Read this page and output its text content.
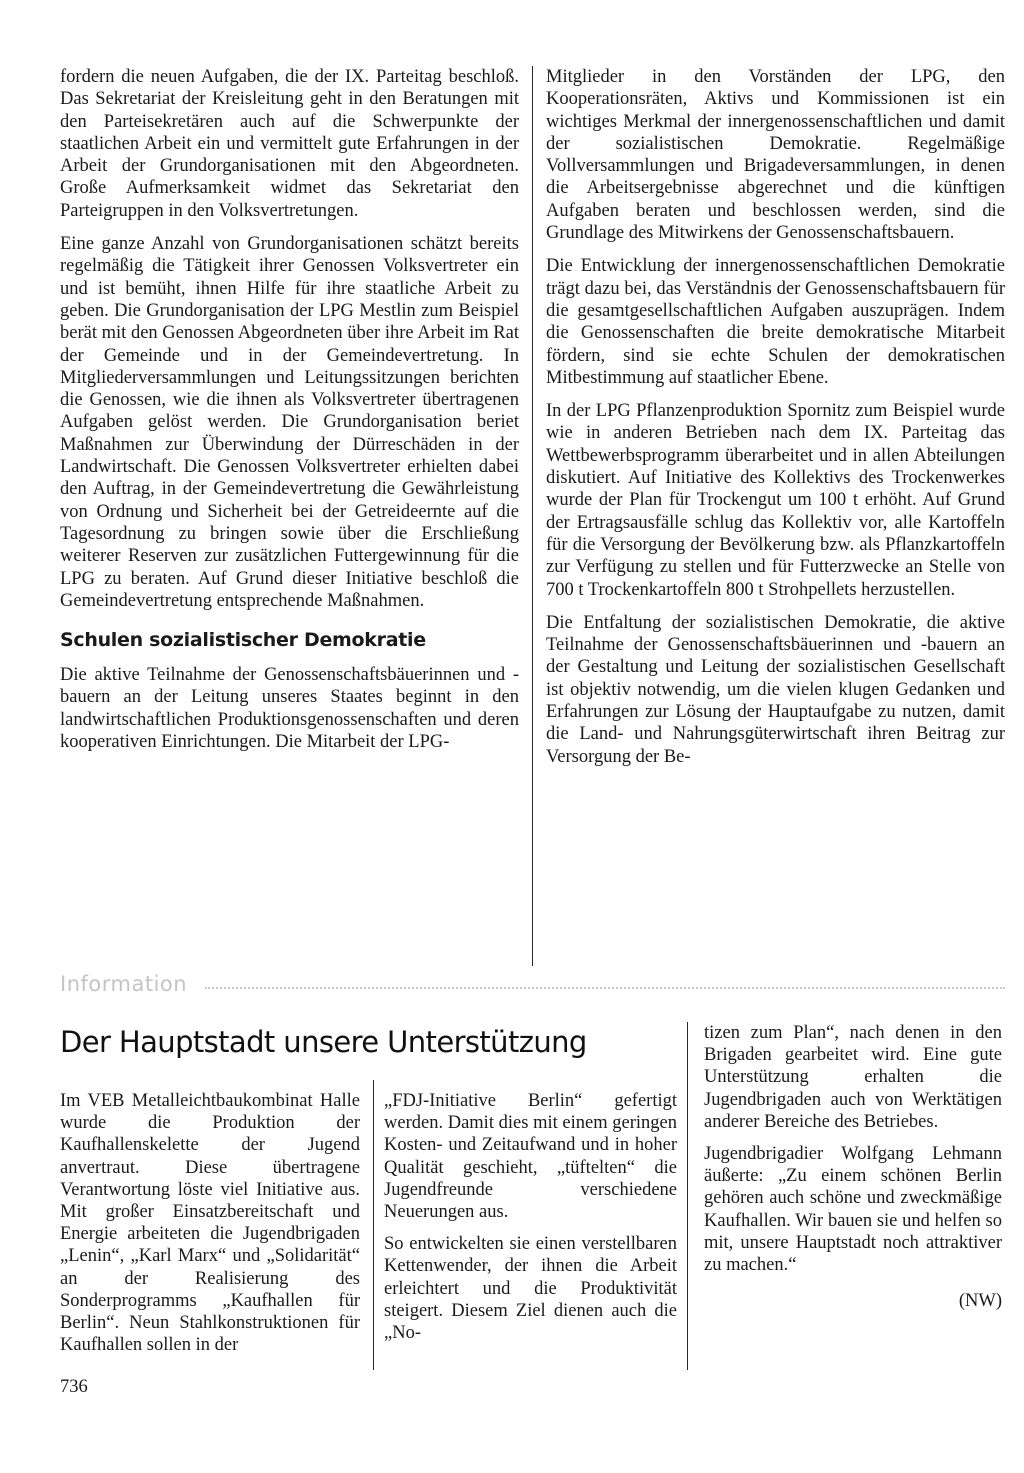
fordern die neuen Aufgaben, die der IX. Parteitag beschloß. Das Sekretariat der Kreisleitung geht in den Beratungen mit den Parteisekretären auch auf die Schwerpunkte der staatlichen Arbeit ein und vermittelt gute Erfahrungen in der Arbeit der Grundorganisationen mit den Abgeordneten. Große Aufmerksamkeit widmet das Sekretariat den Parteigruppen in den Volksvertretungen.

Eine ganze Anzahl von Grundorganisationen schätzt bereits regelmäßig die Tätigkeit ihrer Genossen Volksvertreter ein und ist bemüht, ihnen Hilfe für ihre staatliche Arbeit zu geben. Die Grundorganisation der LPG Mestlin zum Beispiel berät mit den Genossen Abgeordneten über ihre Arbeit im Rat der Gemeinde und in der Gemeindevertretung. In Mitgliederversammlungen und Leitungssitzungen berichten die Genossen, wie die ihnen als Volksvertreter übertragenen Aufgaben gelöst werden. Die Grundorganisation beriet Maßnahmen zur Überwindung der Dürreschäden in der Landwirtschaft. Die Genossen Volksvertreter erhielten dabei den Auftrag, in der Gemeindevertretung die Gewährleistung von Ordnung und Sicherheit bei der Getreideernte auf die Tagesordnung zu bringen sowie über die Erschließung weiterer Reserven zur zusätzlichen Futtergewinnung für die LPG zu beraten. Auf Grund dieser Initiative beschloß die Gemeindevertretung entsprechende Maßnahmen.

Schulen sozialistischer Demokratie

Die aktive Teilnahme der Genossenschaftsbäuerinnen und -bauern an der Leitung unseres Staates beginnt in den landwirtschaftlichen Produktionsgenossenschaften und deren kooperativen Einrichtungen. Die Mitarbeit der LPG-

Mitglieder in den Vorständen der LPG, den Kooperationsräten, Aktivs und Kommissionen ist ein wichtiges Merkmal der innergenossenschaftlichen und damit der sozialistischen Demokratie. Regelmäßige Vollversammlungen und Brigadeversammlungen, in denen die Arbeitsergebnisse abgerechnet und die künftigen Aufgaben beraten und beschlossen werden, sind die Grundlage des Mitwirkens der Genossenschaftsbauern.

Die Entwicklung der innergenossenschaftlichen Demokratie trägt dazu bei, das Verständnis der Genossenschaftsbauern für die gesamtgesellschaftlichen Aufgaben auszuprägen. Indem die Genossenschaften die breite demokratische Mitarbeit fördern, sind sie echte Schulen der demokratischen Mitbestimmung auf staatlicher Ebene.

In der LPG Pflanzenproduktion Spornitz zum Beispiel wurde wie in anderen Betrieben nach dem IX. Parteitag das Wettbewerbsprogramm überarbeitet und in allen Abteilungen diskutiert. Auf Initiative des Kollektivs des Trockenwerkes wurde der Plan für Trockengut um 100 t erhöht. Auf Grund der Ertragsausfälle schlug das Kollektiv vor, alle Kartoffeln für die Versorgung der Bevölkerung bzw. als Pflanzkartoffeln zur Verfügung zu stellen und für Futterzwecke an Stelle von 700 t Trockenkartoffeln 800 t Strohpellets herzustellen.

Die Entfaltung der sozialistischen Demokratie, die aktive Teilnahme der Genossenschaftsbäuerinnen und -bauern an der Gestaltung und Leitung der sozialistischen Gesellschaft ist objektiv notwendig, um die vielen klugen Gedanken und Erfahrungen zur Lösung der Hauptaufgabe zu nutzen, damit die Land- und Nahrungsgüterwirtschaft ihren Beitrag zur Versorgung der Be-

Information
Der Hauptstadt unsere Unterstützung

Im VEB Metalleichtbaukombinat Halle wurde die Produktion der Kaufhallenskelette der Jugend anvertraut. Diese übertragene Verantwortung löste viel Initiative aus. Mit großer Einsatzbereitschaft und Energie arbeiteten die Jugendbrigaden „Lenin“, „Karl Marx“ und „Solidarität“ an der Realisierung des Sonderprogramms „Kaufhallen für Berlin“. Neun Stahlkonstruktionen für Kaufhallen sollen in der

„FDJ-Initiative Berlin“ gefertigt werden. Damit dies mit einem geringen Kosten- und Zeitaufwand und in hoher Qualität geschieht, „tüftelten“ die Jugendfreunde verschiedene Neuerungen aus.

So entwickelten sie einen verstellbaren Kettenwender, der ihnen die Arbeit erleichtert und die Produktivität steigert. Diesem Ziel dienen auch die „No-

tizen zum Plan“, nach denen in den Brigaden gearbeitet wird. Eine gute Unterstützung erhalten die Jugendbrigaden auch von Werktätigen anderer Bereiche des Betriebes.

Jugendbrigadier Wolfgang Lehmann äußerte: „Zu einem schönen Berlin gehören auch schöne und zweckmäßige Kaufhallen. Wir bauen sie und helfen so mit, unsere Hauptstadt noch attraktiver zu machen.“

(NW)
736
